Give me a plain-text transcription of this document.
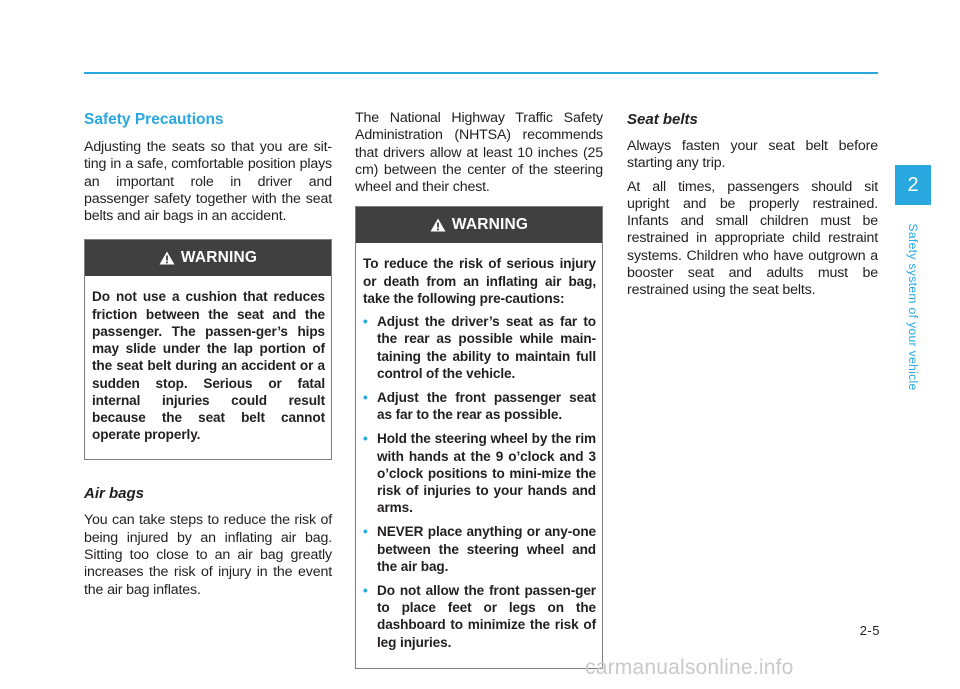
Safety Precautions

Adjusting the seats so that you are sit-ting in a safe, comfortable position plays an important role in driver and passenger safety together with the seat belts and air bags in an accident.

WARNING

Do not use a cushion that reduces friction between the seat and the passenger. The passen-ger’s hips may slide under the lap portion of the seat belt during an accident or a sudden stop. Serious or fatal internal injuries could result because the seat belt cannot operate properly.

Air bags

You can take steps to reduce the risk of being injured by an inflating air bag. Sitting too close to an air bag greatly increases the risk of injury in the event the air bag inflates.

The National Highway Traffic Safety Administration (NHTSA) recommends that drivers allow at least 10 inches (25 cm) between the center of the steering wheel and their chest.

WARNING

To reduce the risk of serious injury or death from an inflating air bag, take the following pre-cautions:

• Adjust the driver’s seat as far to the rear as possible while main-taining the ability to maintain full control of the vehicle.
• Adjust the front passenger seat as far to the rear as possible.
• Hold the steering wheel by the rim with hands at the 9 o’clock and 3 o’clock positions to mini-mize the risk of injuries to your hands and arms.
• NEVER place anything or any-one between the steering wheel and the air bag.
• Do not allow the front passen-ger to place feet or legs on the dashboard to minimize the risk of leg injuries.
Seat belts

Always fasten your seat belt before starting any trip.

At all times, passengers should sit upright and be properly restrained. Infants and small children must be restrained in appropriate child restraint systems. Children who have outgrown a booster seat and adults must be restrained using the seat belts.

2
Safety system of your vehicle
2-5
carmanualsonline.info
